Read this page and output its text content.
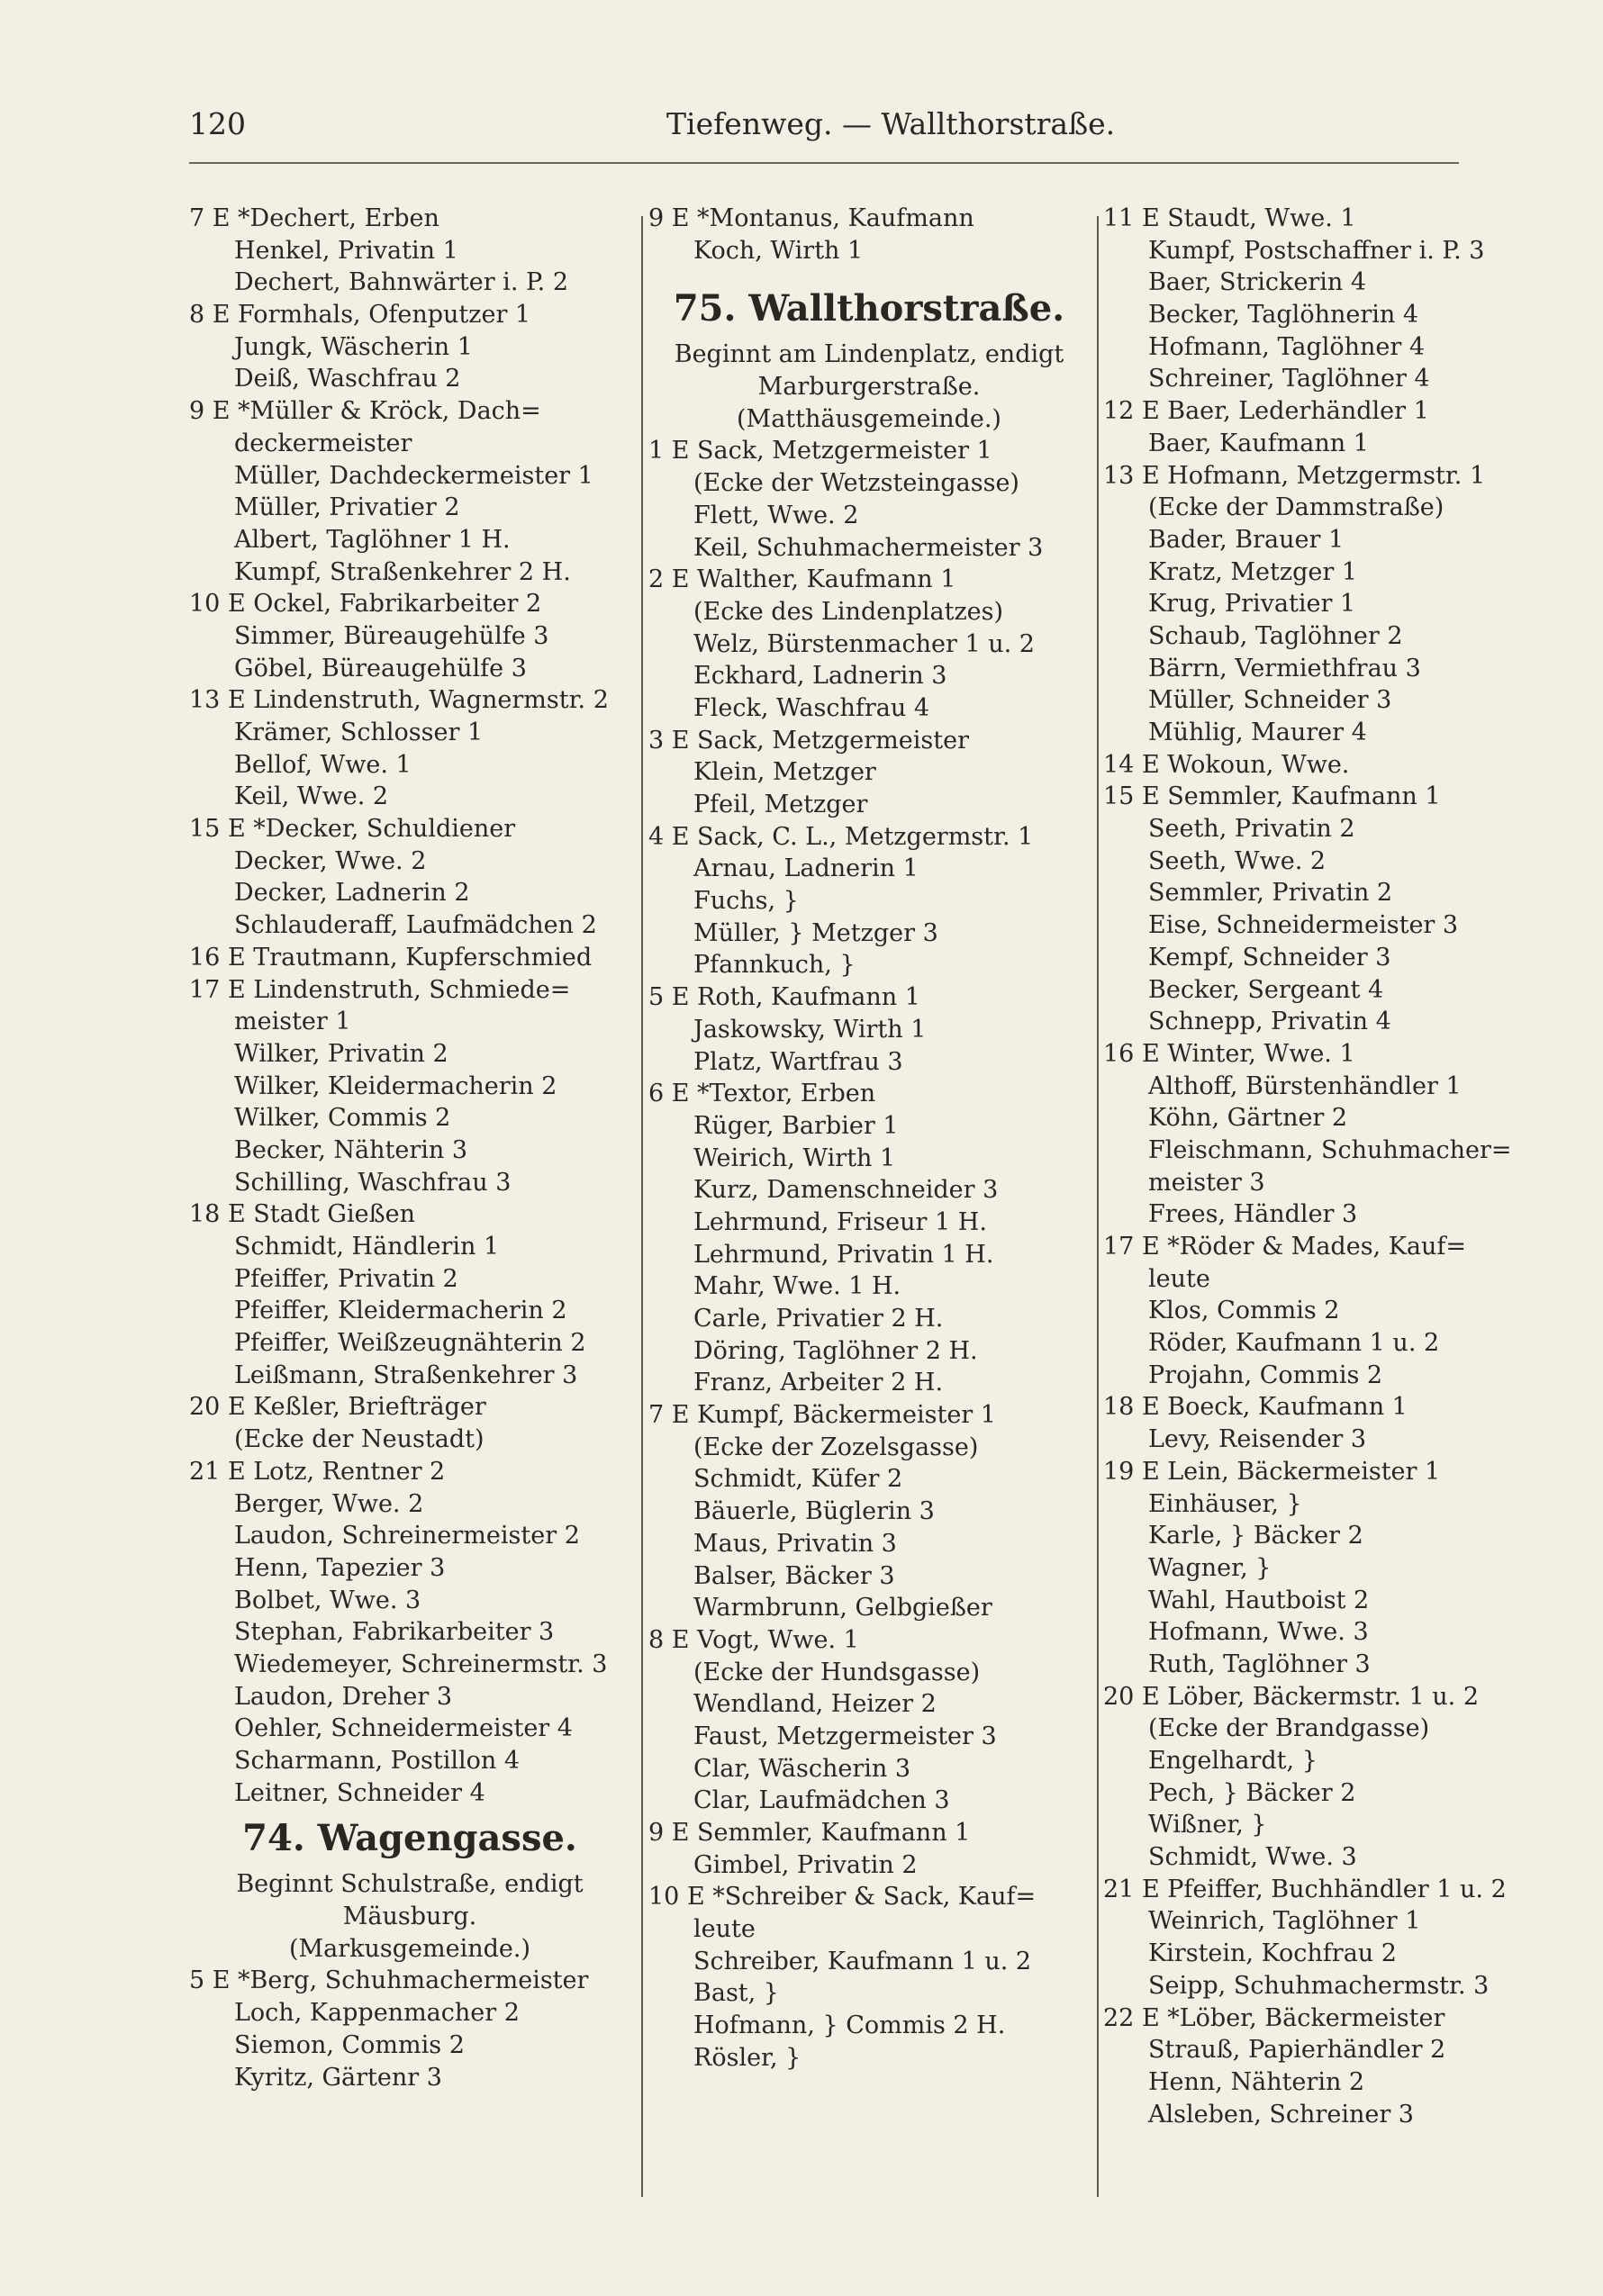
120	Tiefenweg. — Wallthorstraße.
7 E *Dechert, Erben
Henkel, Privatin 1
Dechert, Bahnwärter i. P. 2
8 E Formhals, Ofenputzer 1
Jungk, Wäscherin 1
Deiß, Waschfrau 2
9 E *Müller & Kröck, Dach=
deckermeister
Müller, Dachdeckermeister 1
Müller, Privatier 2
Albert, Taglöhner 1 H.
Kumpf, Straßenkehrer 2 H.
10 E Ockel, Fabrikarbeiter 2
Simmer, Büreaugehülfe 3
Göbel, Büreaugehülfe 3
13 E Lindenstruth, Wagnermstr. 2
Krämer, Schlosser 1
Bellof, Wwe. 1
Keil, Wwe. 2
15 E *Decker, Schuldiener
Decker, Wwe. 2
Decker, Ladnerin 2
Schlauderaff, Laufmädchen 2
16 E Trautmann, Kupferschmied
17 E Lindenstruth, Schmiede=
meister 1
Wilker, Privatin 2
Wilker, Kleidermacherin 2
Wilker, Commis 2
Becker, Nähterin 3
Schilling, Waschfrau 3
18 E Stadt Gießen
Schmidt, Händlerin 1
Pfeiffer, Privatin 2
Pfeiffer, Kleidermacherin 2
Pfeiffer, Weißzeugnähterin 2
Leißmann, Straßenkehrer 3
20 E Keßler, Briefträger
(Ecke der Neustadt)
21 E Lotz, Rentner 2
Berger, Wwe. 2
Laudon, Schreinermeister 2
Henn, Tapezier 3
Bolbet, Wwe. 3
Stephan, Fabrikarbeiter 3
Wiedemeyer, Schreinermstr. 3
Laudon, Dreher 3
Oehler, Schneidermeister 4
Scharmann, Postillon 4
Leitner, Schneider 4
74. Wagengasse.
Beginnt Schulstraße, endigt
Mäusburg.
(Markusgemeinde.)
5 E *Berg, Schuhmachermeister
Loch, Kappenmacher 2
Siemon, Commis 2
Kyritz, Gärtenr 3
9 E *Montanus, Kaufmann
Koch, Wirth 1
75. Wallthorstraße.
Beginnt am Lindenplatz, endigt
Marburgerstraße.
(Matthäusgemeinde.)
1 E Sack, Metzgermeister 1
(Ecke der Wetzsteingasse)
Flett, Wwe. 2
Keil, Schuhmachermeister 3
2 E Walther, Kaufmann 1
(Ecke des Lindenplatzes)
Welz, Bürstenmacher 1 u. 2
Eckhard, Ladnerin 3
Fleck, Waschfrau 4
3 E Sack, Metzgermeister
Klein, Metzger
Pfeil, Metzger
4 E Sack, C. L., Metzgermstr. 1
Arnau, Ladnerin 1
Fuchs, }
Müller, } Metzger 3
Pfannkuch, }
5 E Roth, Kaufmann 1
Jaskowsky, Wirth 1
Platz, Wartfrau 3
6 E *Textor, Erben
Rüger, Barbier 1
Weirich, Wirth 1
Kurz, Damenschneider 3
Lehrmund, Friseur 1 H.
Lehrmund, Privatin 1 H.
Mahr, Wwe. 1 H.
Carle, Privatier 2 H.
Döring, Taglöhner 2 H.
Franz, Arbeiter 2 H.
7 E Kumpf, Bäckermeister 1
(Ecke der Zozelsgasse)
Schmidt, Küfer 2
Bäuerle, Büglerin 3
Maus, Privatin 3
Balser, Bäcker 3
Warmbrunn, Gelbgießer
8 E Vogt, Wwe. 1
(Ecke der Hundsgasse)
Wendland, Heizer 2
Faust, Metzgermeister 3
Clar, Wäscherin 3
Clar, Laufmädchen 3
9 E Semmler, Kaufmann 1
Gimbel, Privatin 2
10 E *Schreiber & Sack, Kauf=
leute
Schreiber, Kaufmann 1 u. 2
Bast, }
Hofmann, } Commis 2 H.
Rösler, }
11 E Staudt, Wwe. 1
Kumpf, Postschaffner i. P. 3
Baer, Strickerin 4
Becker, Taglöhnerin 4
Hofmann, Taglöhner 4
Schreiner, Taglöhner 4
12 E Baer, Lederhändler 1
Baer, Kaufmann 1
13 E Hofmann, Metzgermstr. 1
(Ecke der Dammstraße)
Bader, Brauer 1
Kratz, Metzger 1
Krug, Privatier 1
Schaub, Taglöhner 2
Bärrn, Vermiethfrau 3
Müller, Schneider 3
Mühlig, Maurer 4
14 E Wokoun, Wwe.
15 E Semmler, Kaufmann 1
Seeth, Privatin 2
Seeth, Wwe. 2
Semmler, Privatin 2
Eise, Schneidermeister 3
Kempf, Schneider 3
Becker, Sergeant 4
Schnepp, Privatin 4
16 E Winter, Wwe. 1
Althoff, Bürstenhändler 1
Köhn, Gärtner 2
Fleischmann, Schuhmacher=
meister 3
Frees, Händler 3
17 E *Röder & Mades, Kauf=
leute
Klos, Commis 2
Röder, Kaufmann 1 u. 2
Projahn, Commis 2
18 E Boeck, Kaufmann 1
Levy, Reisender 3
19 E Lein, Bäckermeister 1
Einhäuser, }
Karle, } Bäcker 2
Wagner, }
Wahl, Hautboist 2
Hofmann, Wwe. 3
Ruth, Taglöhner 3
20 E Löber, Bäckermstr. 1 u. 2
(Ecke der Brandgasse)
Engelhardt, }
Pech, } Bäcker 2
Wißner, }
Schmidt, Wwe. 3
21 E Pfeiffer, Buchhändler 1 u. 2
Weinrich, Taglöhner 1
Kirstein, Kochfrau 2
Seipp, Schuhmachermstr. 3
22 E *Löber, Bäckermeister
Strauß, Papierhändler 2
Henn, Nähterin 2
Alsleben, Schreiner 3
